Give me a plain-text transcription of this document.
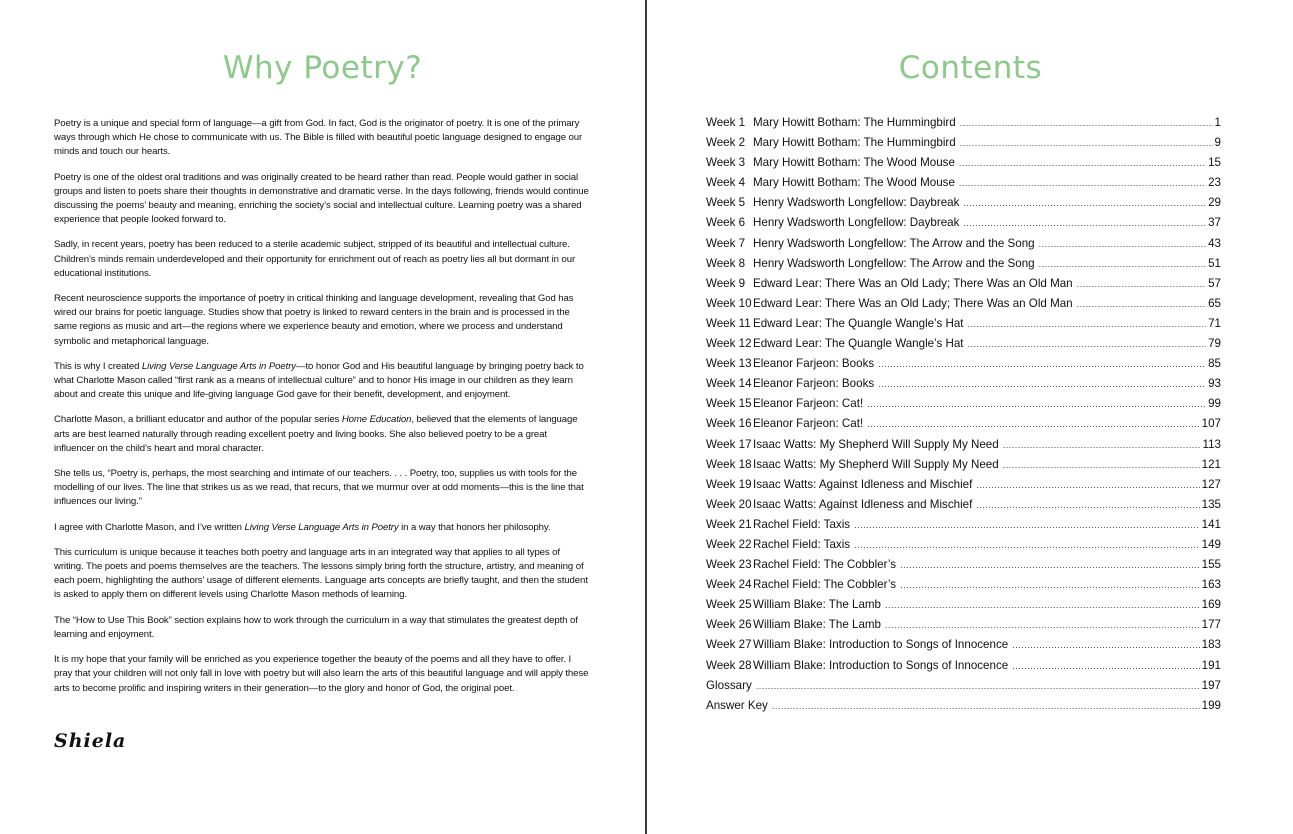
Why Poetry?

Poetry is a unique and special form of language—a gift from God. In fact, God is the originator of poetry. It is one of the primary ways through which He chose to communicate with us. The Bible is filled with beautiful poetic language designed to engage our minds and touch our hearts.

Poetry is one of the oldest oral traditions and was originally created to be heard rather than read. People would gather in social groups and listen to poets share their thoughts in demonstrative and dramatic verse. In the days following, friends would continue discussing the poems’ beauty and meaning, enriching the society’s social and intellectual culture. Learning poetry was a shared experience that people looked forward to.

Sadly, in recent years, poetry has been reduced to a sterile academic subject, stripped of its beautiful and intellectual culture. Children’s minds remain underdeveloped and their opportunity for enrichment out of reach as poetry lies all but dormant in our educational institutions.

Recent neuroscience supports the importance of poetry in critical thinking and language development, revealing that God has wired our brains for poetic language. Studies show that poetry is linked to reward centers in the brain and is processed in the same regions as music and art—the regions where we experience beauty and emotion, where we process and understand symbolic and metaphorical language.

This is why I created Living Verse Language Arts in Poetry—to honor God and His beautiful language by bringing poetry back to what Charlotte Mason called “first rank as a means of intellectual culture” and to honor His image in our children as they learn about and create this unique and life-giving language God gave for their benefit, development, and enjoyment.

Charlotte Mason, a brilliant educator and author of the popular series Home Education, believed that the elements of language arts are best learned naturally through reading excellent poetry and living books. She also believed poetry to be a great influencer on the child’s heart and moral character.

She tells us, “Poetry is, perhaps, the most searching and intimate of our teachers. . . . Poetry, too, supplies us with tools for the modelling of our lives. The line that strikes us as we read, that recurs, that we murmur over at odd moments—this is the line that influences our living.”

I agree with Charlotte Mason, and I’ve written Living Verse Language Arts in Poetry in a way that honors her philosophy.

This curriculum is unique because it teaches both poetry and language arts in an integrated way that applies to all types of writing. The poets and poems themselves are the teachers. The lessons simply bring forth the structure, artistry, and meaning of each poem, highlighting the authors’ usage of different elements. Language arts concepts are briefly taught, and then the student is asked to apply them on different levels using Charlotte Mason methods of learning.

The “How to Use This Book” section explains how to work through the curriculum in a way that stimulates the greatest depth of learning and enjoyment.

It is my hope that your family will be enriched as you experience together the beauty of the poems and all they have to offer. I pray that your children will not only fall in love with poetry but will also learn the arts of this beautiful language and will apply these arts to become prolific and inspiring writers in their generation—to the glory and honor of God, the original poet.

Shiela
Contents
Week 1 Mary Howitt Botham: The Hummingbird .....	1
Week 2 Mary Howitt Botham: The Hummingbird .....	9
Week 3 Mary Howitt Botham: The Wood Mouse .....	15
Week 4 Mary Howitt Botham: The Wood Mouse .....	23
Week 5 Henry Wadsworth Longfellow: Daybreak .....	29
Week 6 Henry Wadsworth Longfellow: Daybreak .....	37
Week 7 Henry Wadsworth Longfellow: The Arrow and the Song .....	43
Week 8 Henry Wadsworth Longfellow: The Arrow and the Song .....	51
Week 9 Edward Lear: There Was an Old Lady; There Was an Old Man .....	57
Week 10 Edward Lear: There Was an Old Lady; There Was an Old Man .....	65
Week 11 Edward Lear: The Quangle Wangle’s Hat .....	71
Week 12 Edward Lear: The Quangle Wangle’s Hat .....	79
Week 13 Eleanor Farjeon: Books .....	85
Week 14 Eleanor Farjeon: Books .....	93
Week 15 Eleanor Farjeon: Cat! .....	99
Week 16 Eleanor Farjeon: Cat! .....	107
Week 17 Isaac Watts: My Shepherd Will Supply My Need .....	113
Week 18 Isaac Watts: My Shepherd Will Supply My Need .....	121
Week 19 Isaac Watts: Against Idleness and Mischief .....	127
Week 20 Isaac Watts: Against Idleness and Mischief .....	135
Week 21 Rachel Field: Taxis .....	141
Week 22 Rachel Field: Taxis .....	149
Week 23 Rachel Field: The Cobbler’s .....	155
Week 24 Rachel Field: The Cobbler’s .....	163
Week 25 William Blake: The Lamb .....	169
Week 26 William Blake: The Lamb .....	177
Week 27 William Blake: Introduction to Songs of Innocence .....	183
Week 28 William Blake: Introduction to Songs of Innocence .....	191
Glossary .....	197
Answer Key .....	199
